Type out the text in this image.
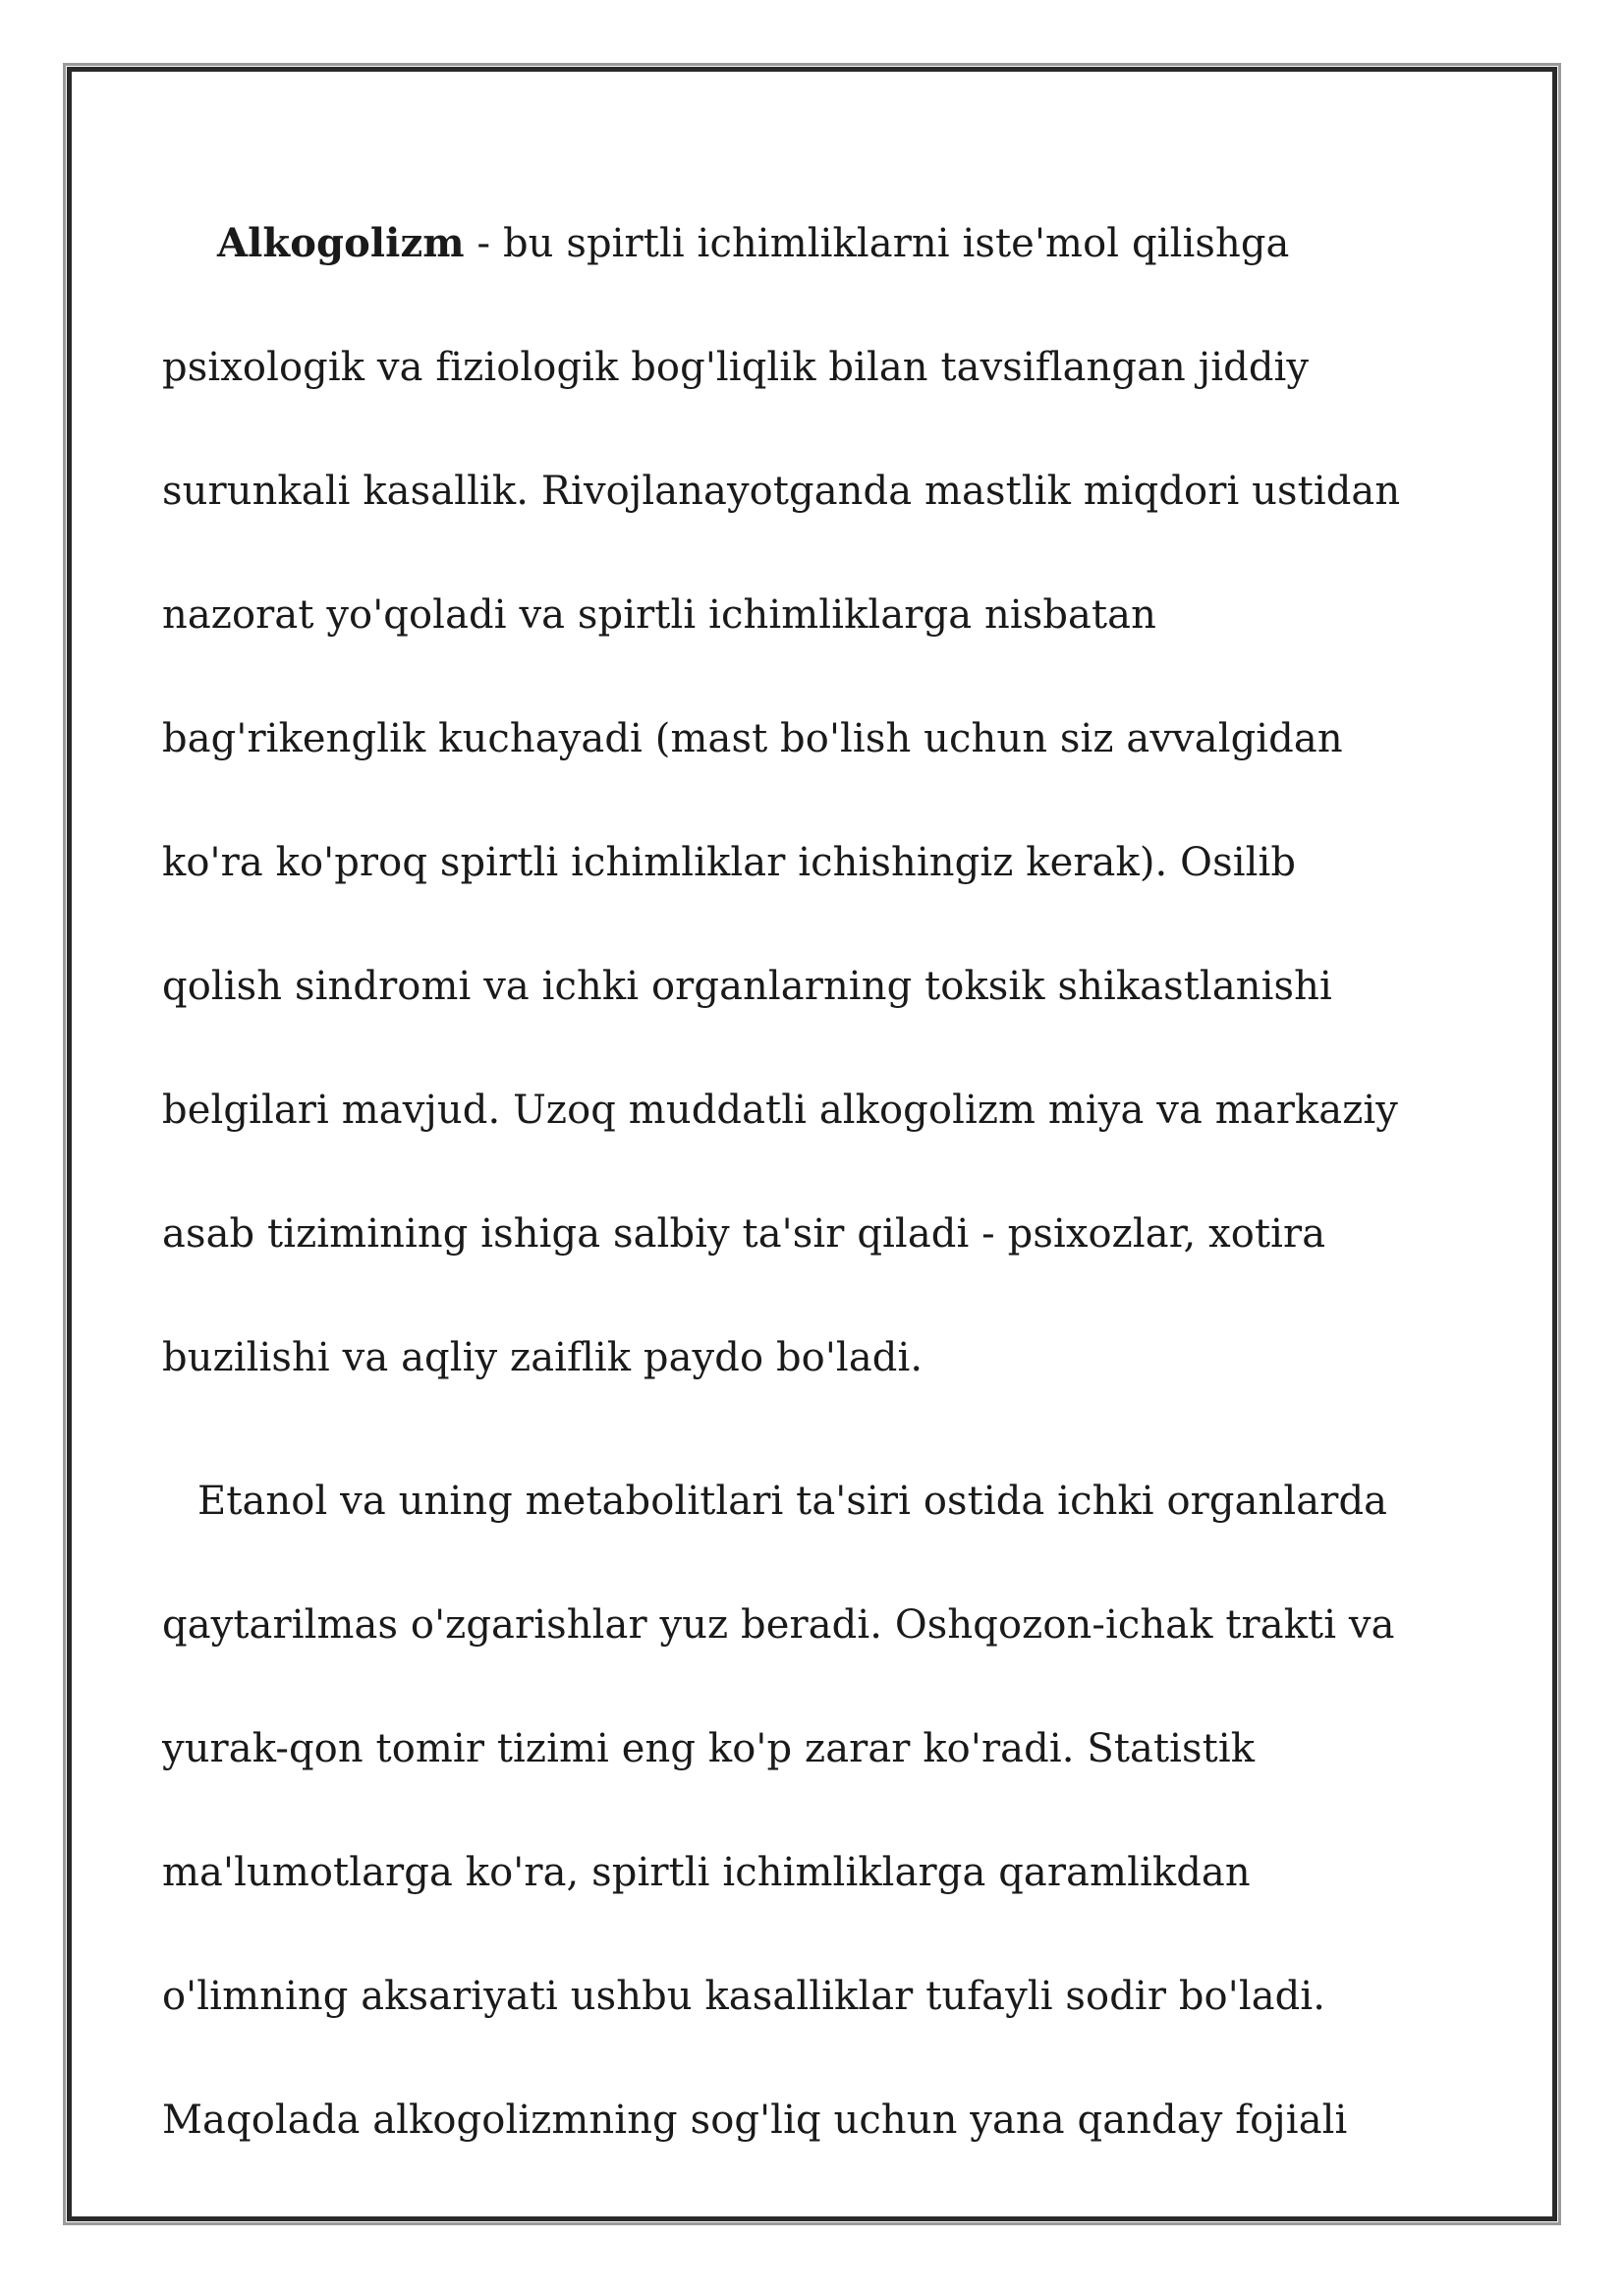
Alkogolizm - bu spirtli ichimliklarni iste'mol qilishga
psixologik va fiziologik bog'liqlik bilan tavsiflangan jiddiy
surunkali kasallik. Rivojlanayotganda mastlik miqdori ustidan
nazorat yo'qoladi va spirtli ichimliklarga nisbatan
bag'rikenglik kuchayadi (mast bo'lish uchun siz avvalgidan
ko'ra ko'proq spirtli ichimliklar ichishingiz kerak). Osilib
qolish sindromi va ichki organlarning toksik shikastlanishi
belgilari mavjud. Uzoq muddatli alkogolizm miya va markaziy
asab tizimining ishiga salbiy ta'sir qiladi - psixozlar, xotira
buzilishi va aqliy zaiflik paydo bo'ladi.

Etanol va uning metabolitlari ta'siri ostida ichki organlarda
qaytarilmas o'zgarishlar yuz beradi. Oshqozon-ichak trakti va
yurak-qon tomir tizimi eng ko'p zarar ko'radi. Statistik
ma'lumotlarga ko'ra, spirtli ichimliklarga qaramlikdan
o'limning aksariyati ushbu kasalliklar tufayli sodir bo'ladi.
Maqolada alkogolizmning sog'liq uchun yana qanday fojiali
